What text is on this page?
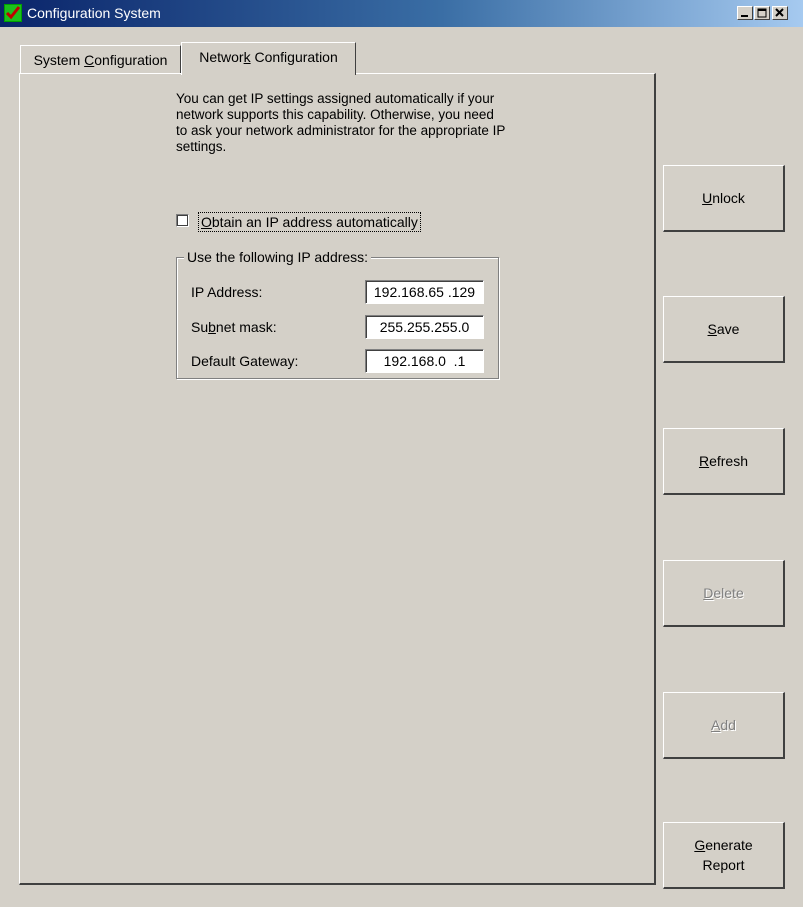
Configuration System
System Configuration	Network Configuration
You can get IP settings assigned automatically if your network supports this capability. Otherwise, you need to ask your network administrator for the appropriate IP settings.
Obtain an IP address automatically
Use the following IP address:
IP Address:	192.168.65 .129
Subnet mask:	255.255.255.0
Default Gateway:	192.168.0  .1
Unlock
Save
Refresh
Delete
Add
Generate
Report
